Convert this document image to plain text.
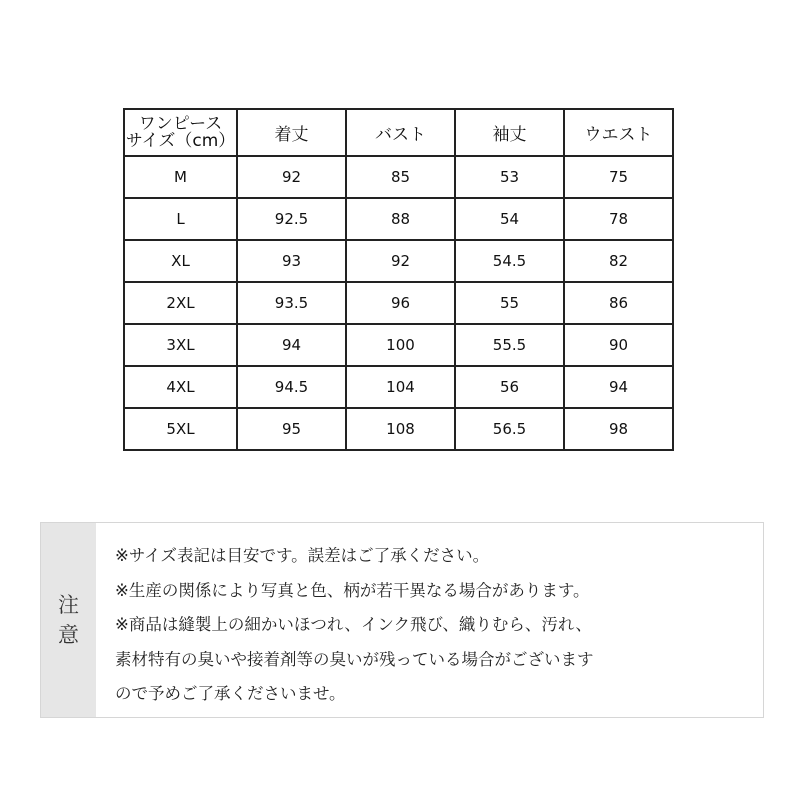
ワンピース
サイズ（cm）	着丈	バスト	袖丈	ウエスト
M	92	85	53	75
L	92.5	88	54	78
XL	93	92	54.5	82
2XL	93.5	96	55	86
3XL	94	100	55.5	90
4XL	94.5	104	56	94
5XL	95	108	56.5	98
注
意
※サイズ表記は目安です。誤差はご了承ください。
※生産の関係により写真と色、柄が若干異なる場合があります。
※商品は縫製上の細かいほつれ、インク飛び、織りむら、汚れ、
素材特有の臭いや接着剤等の臭いが残っている場合がございます
ので予めご了承くださいませ。
